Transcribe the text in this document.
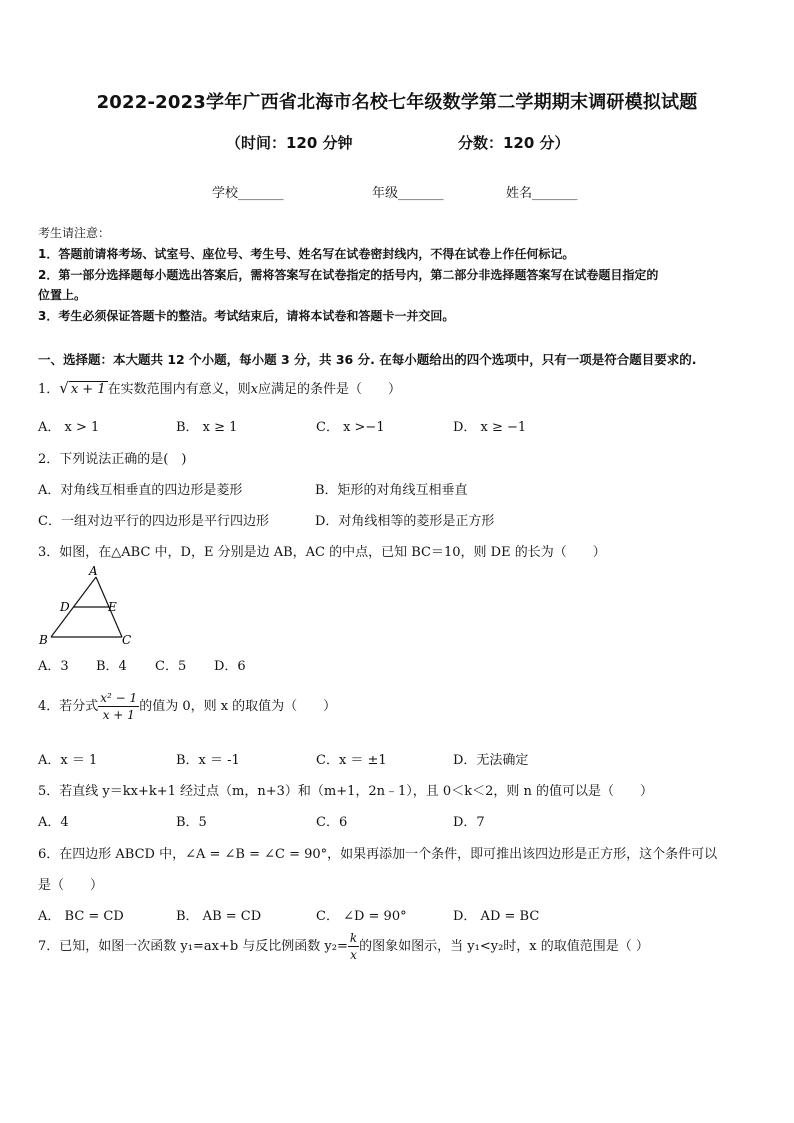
2022-2023学年广西省北海市名校七年级数学第二学期期末调研模拟试题
（时间：120 分钟	分数：120 分）
学校_______	年级_______	姓名_______
考生请注意：
1．答题前请将考场、试室号、座位号、考生号、姓名写在试卷密封线内，不得在试卷上作任何标记。
2．第一部分选择题每小题选出答案后，需将答案写在试卷指定的括号内，第二部分非选择题答案写在试卷题目指定的
位置上。
3．考生必须保证答题卡的整洁。考试结束后，请将本试卷和答题卡一并交回。
一、选择题：本大题共 12 个小题，每小题 3 分，共 36 分. 在每小题给出的四个选项中，只有一项是符合题目要求的.
1．√ x + 1 在实数范围内有意义，则x应满足的条件是（　　）
A． x > 1	B． x ≥ 1	C． x >−1	D． x ≥ −1
2．下列说法正确的是(　)
A．对角线互相垂直的四边形是菱形	B．矩形的对角线互相垂直
C．一组对边平行的四边形是平行四边形	D．对角线相等的菱形是正方形
3．如图，在△ABC 中，D，E 分别是边 AB，AC 的中点，已知 BC＝10，则 DE 的长为（　　）
A
D	E
B	C
A．3 B．4 C．5 D．6
4．若分式 $\frac{\text{x² − 1}}{x + 1}$ 的值为 0，则 x 的取值为（　　）
A．x ＝ 1	B．x ＝ -1	C．x ＝ ±1	D．无法确定
5．若直线 y＝kx+k+1 经过点（m，n+3）和（m+1，2n﹣1），且 0＜k＜2，则 n 的值可以是（　　）
A．4	B．5	C．6	D．7
6．在四边形 ABCD 中，∠A = ∠B = ∠C = 90°，如果再添加一个条件，即可推出该四边形是正方形，这个条件可以
是（　　）
A． BC = CD	B． AB = CD	C． ∠D = 90°	D． AD = BC
7．已知，如图一次函数 y₁=ax+b 与反比例函数 $y_2= \frac{k}{x}$ 的图象如图示，当 y₁<y₂时，x 的取值范围是（ ）
